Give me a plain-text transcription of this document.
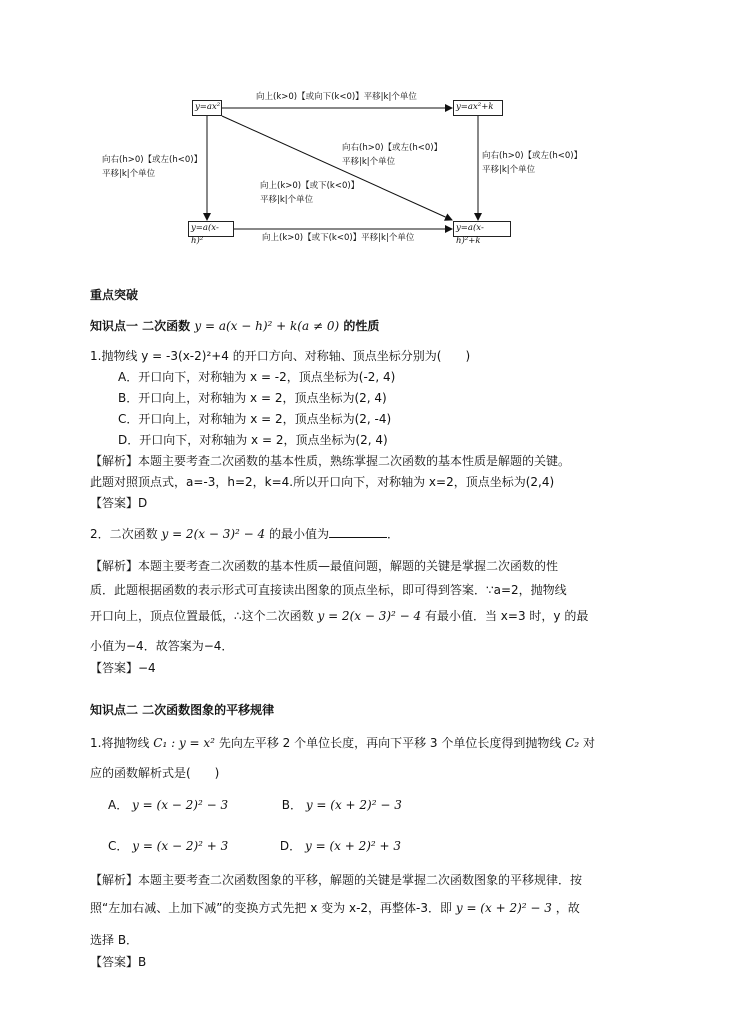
y=ax²	y=ax²+k
y=a(x-h)²
y=a(x-h)²+k
向上(k>0)【或向下(k<0)】平移|k|个单位
向右(h>0)【或左(h<0)】
平移|k|个单位
向右(h>0)【或左(h<0)】
平移|k|个单位
向右(h>0)【或左(h<0)】
平移|k|个单位
向上(k>0)【或下(k<0)】
平移|k|个单位
向上(k>0)【或下(k<0)】平移|k|个单位
重点突破
知识点一 二次函数 y = a(x − h)² + k(a ≠ 0) 的性质
1.抛物线 y = -3(x-2)²+4 的开口方向、对称轴、顶点坐标分别为(　　)
A．开口向下，对称轴为 x = -2，顶点坐标为(-2, 4)
B．开口向上，对称轴为 x = 2，顶点坐标为(2, 4)
C．开口向上，对称轴为 x = 2，顶点坐标为(2, -4)
D．开口向下，对称轴为 x = 2，顶点坐标为(2, 4)
【解析】本题主要考查二次函数的基本性质，熟练掌握二次函数的基本性质是解题的关键。
此题对照顶点式，a=-3，h=2，k=4.所以开口向下，对称轴为 x=2，顶点坐标为(2,4)
【答案】D
2．二次函数 y = 2(x − 3)² − 4 的最小值为	．
【解析】本题主要考查二次函数的基本性质—最值问题，解题的关键是掌握二次函数的性
质．此题根据函数的表示形式可直接读出图象的顶点坐标，即可得到答案．∵a=2，抛物线
开口向上，顶点位置最低，∴这个二次函数 y = 2(x − 3)² − 4 有最小值．当 x=3 时，y 的最
小值为−4．故答案为−4．
【答案】−4
知识点二 二次函数图象的平移规律
1.将抛物线 C₁ : y = x² 先向左平移 2 个单位长度，再向下平移 3 个单位长度得到抛物线 C₂ 对
应的函数解析式是(　　)
A． y = (x − 2)² − 3	B． y = (x + 2)² − 3
C． y = (x − 2)² + 3	D． y = (x + 2)² + 3
【解析】本题主要考查二次函数图象的平移，解题的关键是掌握二次函数图象的平移规律．按
照“左加右减、上加下减”的变换方式先把 x 变为 x-2，再整体-3．即 y = (x + 2)² − 3 ，故
选择 B．
【答案】B
